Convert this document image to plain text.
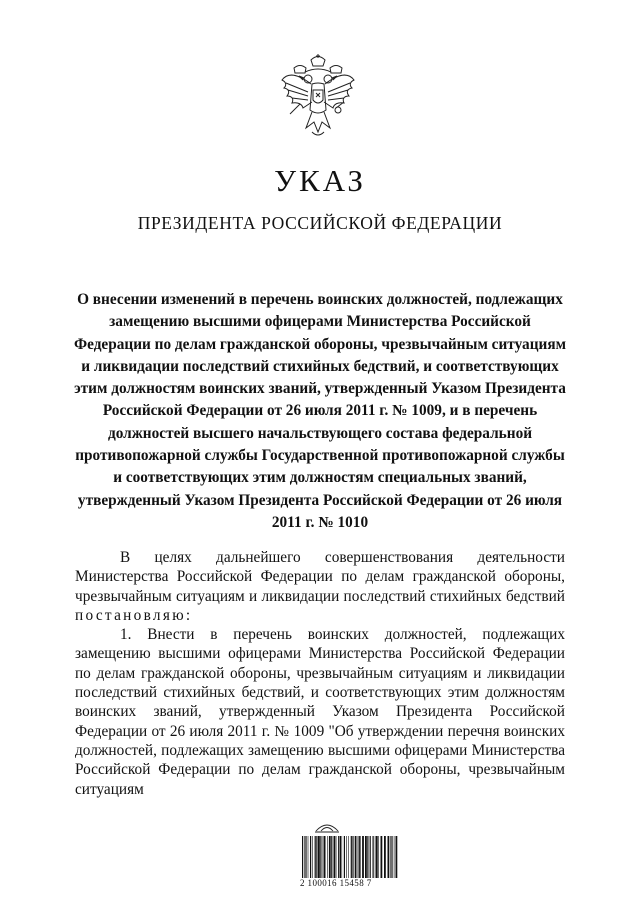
УКАЗ
ПРЕЗИДЕНТА РОССИЙСКОЙ ФЕДЕРАЦИИ
О внесении изменений в перечень воинских должностей, подлежащих замещению высшими офицерами Министерства Российской Федерации по делам гражданской обороны, чрезвычайным ситуациям и ликвидации последствий стихийных бедствий, и соответствующих этим должностям воинских званий, утвержденный Указом Президента Российской Федерации от 26 июля 2011 г. № 1009, и в перечень должностей высшего начальствующего состава федеральной противопожарной службы Государственной противопожарной службы и соответствующих этим должностям специальных званий, утвержденный Указом Президента Российской Федерации от 26 июля 2011 г. № 1010

В целях дальнейшего совершенствования деятельности Министерства Российской Федерации по делам гражданской обороны, чрезвычайным ситуациям и ликвидации последствий стихийных бедствий постановляю:

1. Внести в перечень воинских должностей, подлежащих замещению высшими офицерами Министерства Российской Федерации по делам гражданской обороны, чрезвычайным ситуациям и ликвидации последствий стихийных бедствий, и соответствующих этим должностям воинских званий, утвержденный Указом Президента Российской Федерации от 26 июля 2011 г. № 1009 "Об утверждении перечня воинских должностей, подлежащих замещению высшими офицерами Министерства Российской Федерации по делам гражданской обороны, чрезвычайным ситуациям

2 100016 15458 7
